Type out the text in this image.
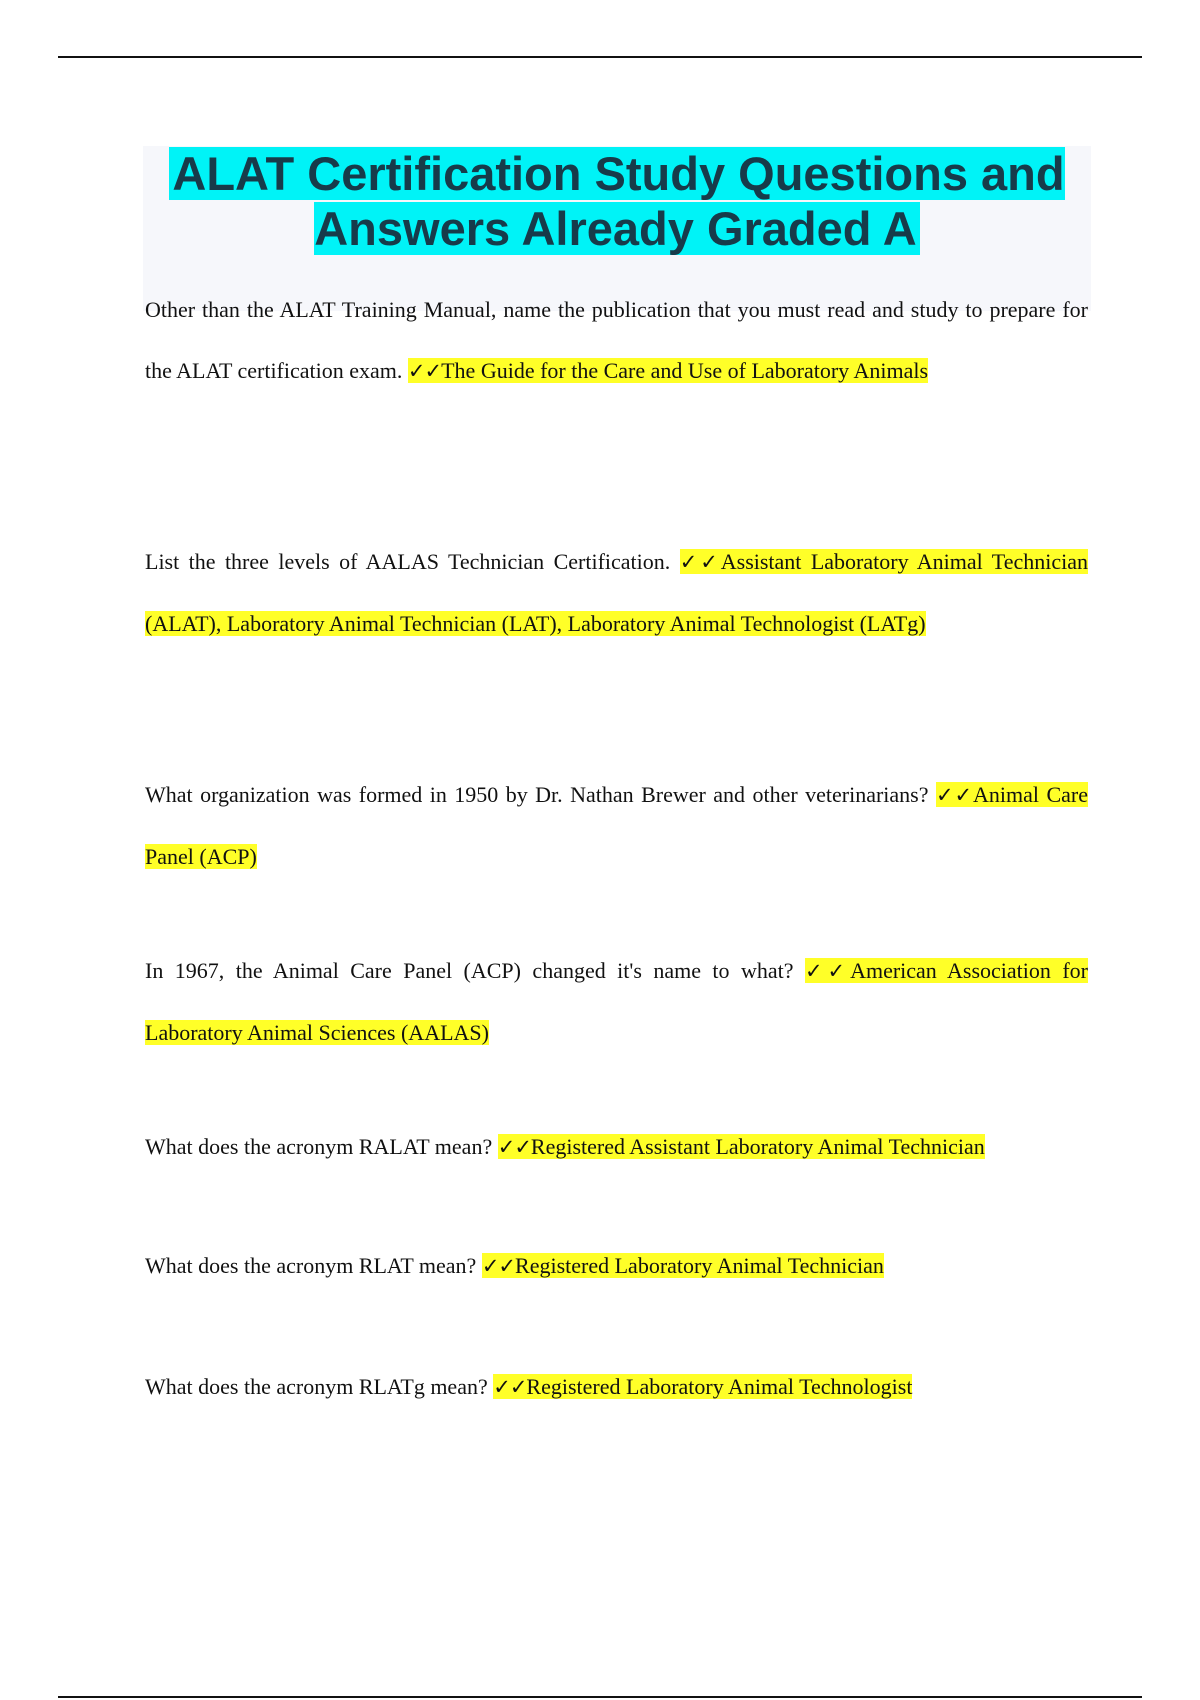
ALAT Certification Study Questions and Answers Already Graded A

Other than the ALAT Training Manual, name the publication that you must read and study to prepare for the ALAT certification exam. ✓✓The Guide for the Care and Use of Laboratory Animals

List the three levels of AALAS Technician Certification. ✓✓Assistant Laboratory Animal Technician (ALAT), Laboratory Animal Technician (LAT), Laboratory Animal Technologist (LATg)

What organization was formed in 1950 by Dr. Nathan Brewer and other veterinarians? ✓✓Animal Care Panel (ACP)

In 1967, the Animal Care Panel (ACP) changed it's name to what? ✓✓American Association for Laboratory Animal Sciences (AALAS)

What does the acronym RALAT mean? ✓✓Registered Assistant Laboratory Animal Technician

What does the acronym RLAT mean? ✓✓Registered Laboratory Animal Technician

What does the acronym RLATg mean? ✓✓Registered Laboratory Animal Technologist
